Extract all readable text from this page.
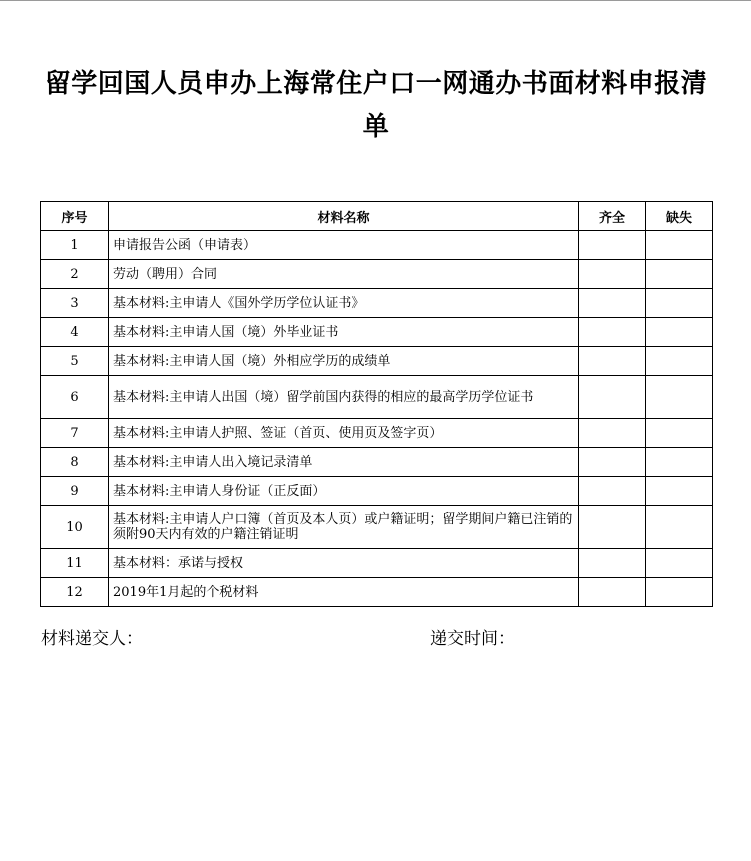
留学回国人员申办上海常住户口一网通办书面材料申报清单
序号	材料名称	齐全	缺失
1	申请报告公函（申请表）		
2	劳动（聘用）合同		
3	基本材料:主申请人《国外学历学位认证书》		
4	基本材料:主申请人国（境）外毕业证书		
5	基本材料:主申请人国（境）外相应学历的成绩单		
6	基本材料:主申请人出国（境）留学前国内获得的相应的最高学历学位证书		
7	基本材料:主申请人护照、签证（首页、使用页及签字页）		
8	基本材料:主申请人出入境记录清单		
9	基本材料:主申请人身份证（正反面）		
10	基本材料:主申请人户口簿（首页及本人页）或户籍证明；留学期间户籍已注销的须附90天内有效的户籍注销证明		
11	基本材料：承诺与授权		
12	2019年1月起的个税材料		
材料递交人：	递交时间：
